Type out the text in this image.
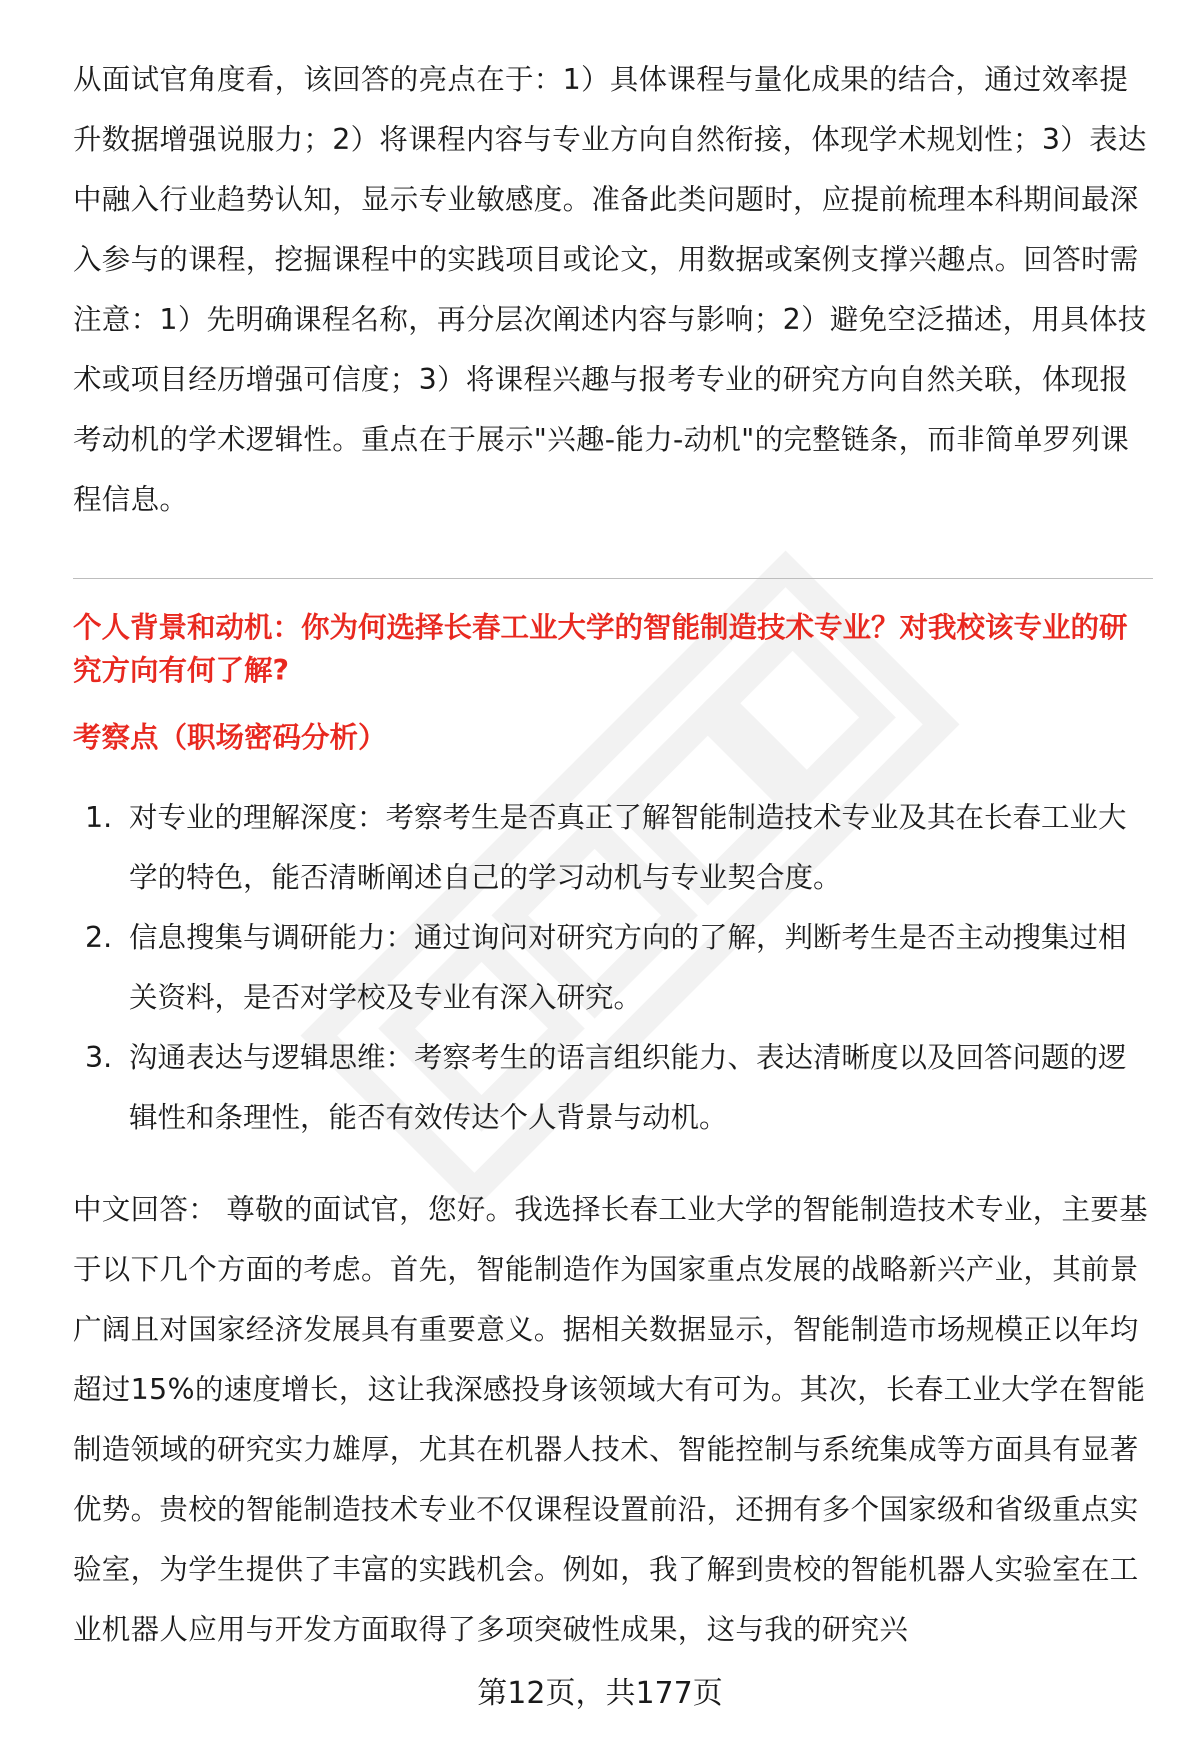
从面试官角度看，该回答的亮点在于：1）具体课程与量化成果的结合，通过效率提升数据增强说服力；2）将课程内容与专业方向自然衔接，体现学术规划性；3）表达中融入行业趋势认知，显示专业敏感度。准备此类问题时，应提前梳理本科期间最深入参与的课程，挖掘课程中的实践项目或论文，用数据或案例支撑兴趣点。回答时需注意：1）先明确课程名称，再分层次阐述内容与影响；2）避免空泛描述，用具体技术或项目经历增强可信度；3）将课程兴趣与报考专业的研究方向自然关联，体现报考动机的学术逻辑性。重点在于展示"兴趣-能力-动机"的完整链条，而非简单罗列课程信息。

个人背景和动机：你为何选择长春工业大学的智能制造技术专业？对我校该专业的研究方向有何了解?
考察点（职场密码分析）
1. 对专业的理解深度：考察考生是否真正了解智能制造技术专业及其在长春工业大学的特色，能否清晰阐述自己的学习动机与专业契合度。
2. 信息搜集与调研能力：通过询问对研究方向的了解，判断考生是否主动搜集过相关资料，是否对学校及专业有深入研究。
3. 沟通表达与逻辑思维：考察考生的语言组织能力、表达清晰度以及回答问题的逻辑性和条理性，能否有效传达个人背景与动机。

中文回答： 尊敬的面试官，您好。我选择长春工业大学的智能制造技术专业，主要基于以下几个方面的考虑。首先，智能制造作为国家重点发展的战略新兴产业，其前景广阔且对国家经济发展具有重要意义。据相关数据显示，智能制造市场规模正以年均超过15%的速度增长，这让我深感投身该领域大有可为。其次，长春工业大学在智能制造领域的研究实力雄厚，尤其在机器人技术、智能控制与系统集成等方面具有显著优势。贵校的智能制造技术专业不仅课程设置前沿，还拥有多个国家级和省级重点实验室，为学生提供了丰富的实践机会。例如，我了解到贵校的智能机器人实验室在工业机器人应用与开发方面取得了多项突破性成果，这与我的研究兴

第12页，共177页
